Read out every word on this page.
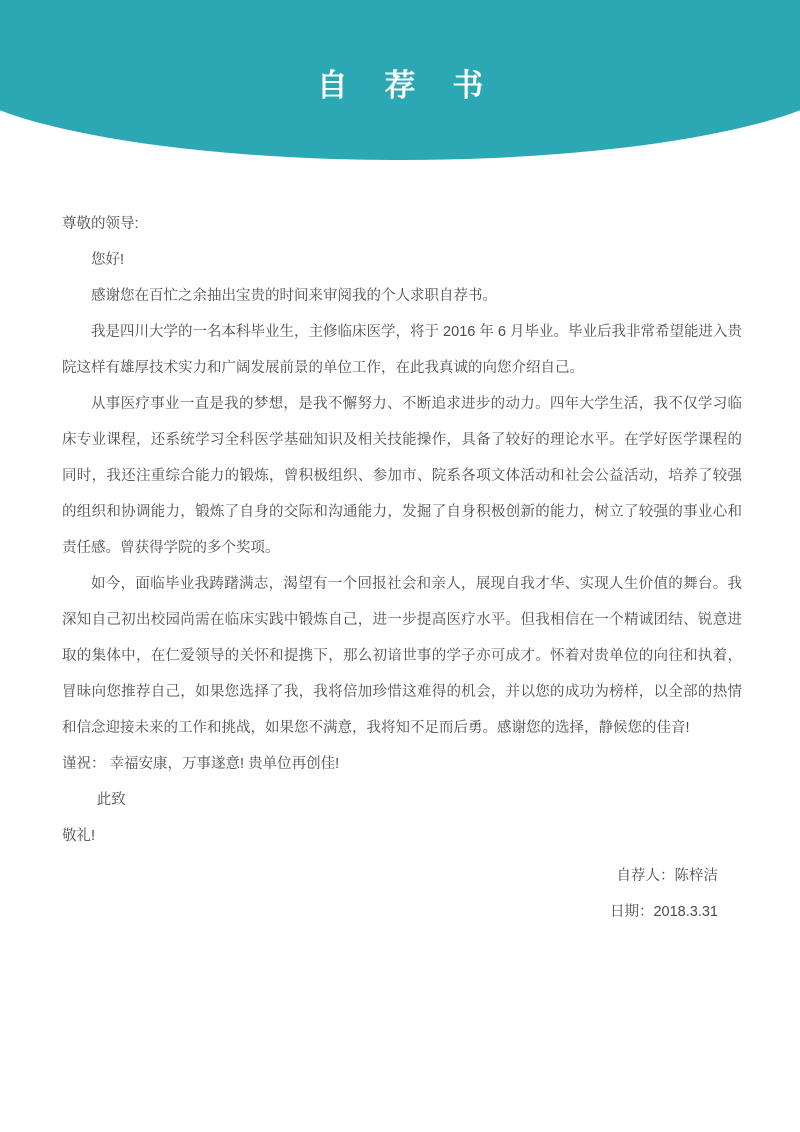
自 荐 书

尊敬的领导:

您好!

感谢您在百忙之余抽出宝贵的时间来审阅我的个人求职自荐书。

我是四川大学的一名本科毕业生，主修临床医学，将于 2016 年 6 月毕业。毕业后我非常希望能进入贵院这样有雄厚技术实力和广阔发展前景的单位工作，在此我真诚的向您介绍自己。

从事医疗事业一直是我的梦想，是我不懈努力、不断追求进步的动力。四年大学生活，我不仅学习临床专业课程，还系统学习全科医学基础知识及相关技能操作，具备了较好的理论水平。在学好医学课程的同时，我还注重综合能力的锻炼，曾积极组织、参加市、院系各项文体活动和社会公益活动，培养了较强的组织和协调能力，锻炼了自身的交际和沟通能力，发掘了自身积极创新的能力，树立了较强的事业心和责任感。曾获得学院的多个奖项。

如今，面临毕业我踌躇满志，渴望有一个回报社会和亲人，展现自我才华、实现人生价值的舞台。我深知自己初出校园尚需在临床实践中锻炼自己，进一步提高医疗水平。但我相信在一个精诚团结、锐意进取的集体中，在仁爱领导的关怀和提携下，那么初谙世事的学子亦可成才。怀着对贵单位的向往和执着，冒昧向您推荐自己，如果您选择了我，我将倍加珍惜这难得的机会，并以您的成功为榜样，以全部的热情和信念迎接未来的工作和挑战，如果您不满意，我将知不足而后勇。感谢您的选择，静候您的佳音!

谨祝： 幸福安康，万事遂意! 贵单位再创佳!

此致

敬礼!

自荐人：陈梓洁
日期：2018.3.31
